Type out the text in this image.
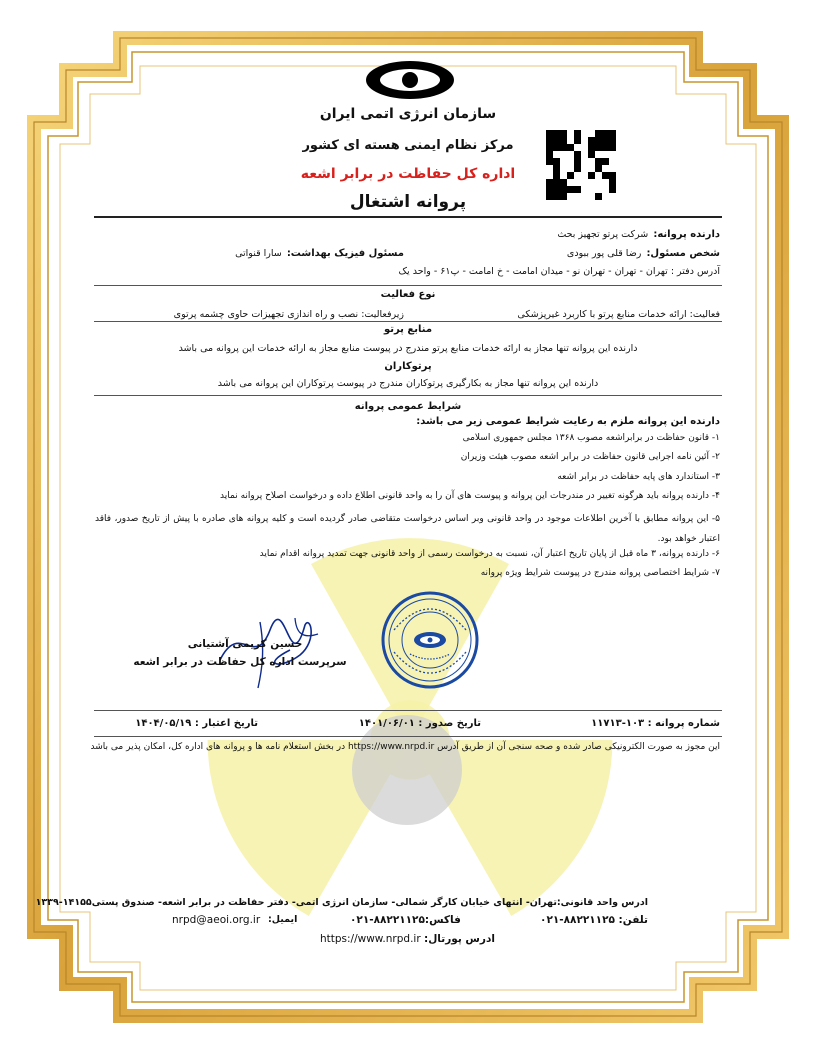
سازمان انرژی اتمی ایران
مرکز نظام ایمنی هسته ای کشور
اداره کل حفاظت در برابر اشعه
پروانه اشتغال
دارنده پروانه: شرکت پرتو تجهیز بحث
شخص مسئول: رضا قلی پور ببودی
مسئول فیزیک بهداشت: سارا قنواتی
آدرس دفتر : تهران - تهران - تهران نو - میدان امامت - خ امامت - پ۶۱ - واحد یک
نوع فعالیت
فعالیت: ارائه خدمات منابع پرتو با کاربرد غیرپزشکی
زیرفعالیت: نصب و راه اندازی تجهیزات حاوی چشمه پرتوی
منابع پرتو
دارنده این پروانه تنها مجاز به ارائه خدمات منابع پرتو مندرج در پیوست منابع مجاز به ارائه خدمات این پروانه می باشد
پرتوکاران
دارنده این پروانه تنها مجاز به بکارگیری پرتوکاران مندرج در پیوست پرتوکاران این پروانه می باشد
شرایط عمومی پروانه
دارنده این پروانه ملزم به رعایت شرایط عمومی زیر می باشد:
۱- قانون حفاظت در برابراشعه مصوب ۱۳۶۸ مجلس جمهوری اسلامی
۲- آئین نامه اجرایی قانون حفاظت در برابر اشعه مصوب هیئت وزیران
۳- استاندارد های پایه حفاظت در برابر اشعه
۴- دارنده پروانه باید هرگونه تغییر در مندرجات این پروانه و پیوست های آن را به واحد قانونی اطلاع داده و درخواست اصلاح پروانه نماید
۵- این پروانه مطابق با آخرین اطلاعات موجود در واحد قانونی وبر اساس درخواست متقاضی صادر گردیده است و کلیه پروانه های صادره با پیش از تاریخ صدور، فاقد اعتبار خواهد بود.
۶- دارنده پروانه، ۳ ماه قبل از پایان تاریخ اعتبار آن، نسبت به درخواست رسمی از واحد قانونی جهت تمدید پروانه اقدام نماید
۷- شرایط اختصاصی پروانه مندرج در پیوست شرایط ویژه پروانه
حسین کریمی آشتیانی
سرپرست اداره کل حفاظت در برابر اشعه
شماره پروانه : ۱۰۳-۱۱۷۱۳
تاریخ صدور : ۱۴۰۱/۰۶/۰۱
تاریخ اعتبار : ۱۴۰۴/۰۵/۱۹
این مجوز به صورت الکترونیکی صادر شده و صحه سنجی آن از طریق آدرس https://www.nrpd.ir در بخش استعلام نامه ها و پروانه های اداره کل، امکان پذیر می باشد
ادرس واحد قانونی:تهران- انتهای خیابان کارگر شمالی- سازمان انرژی اتمی- دفتر حفاظت در برابر اشعه- صندوق پستی۱۴۱۵۵-۱۳۳۹
تلفن: ۸۸۲۲۱۱۲۵-۰۲۱
فاکس:۸۸۲۲۱۱۲۵-۰۲۱
ایمیل:
nrpd@aeoi.org.ir
ادرس پورتال: https://www.nrpd.ir
